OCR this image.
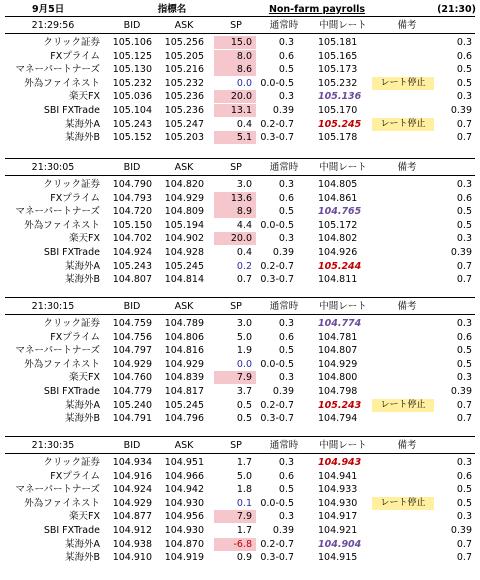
9月5日	指標名	Non-farm payrolls	(21:30)
21:29:56	BID	ASK	SP	通常時	中間レート	備考
クリック証券	105.106	105.256	15.0	0.3	105.181	0.3
FXプライム	105.125	105.205	8.0	0.6	105.165	0.6
マネーパートナーズ	105.130	105.216	8.6	0.5	105.173	0.5
外為ファイネスト	105.232	105.232	0.0 0.0-0.5	105.232	レート停止	0.5
楽天FX	105.036	105.236	20.0	0.3	105.136	0.3
SBI FXTrade	105.104	105.236	13.1	0.39	105.170	0.39
某海外A	105.243	105.247	0.4 0.2-0.7	105.245	レート停止	0.7
某海外B	105.152	105.203	5.1 0.3-0.7	105.178	0.7
21:30:05	BID	ASK	SP	通常時	中間レート	備考
クリック証券	104.790	104.820	3.0	0.3	104.805	0.3
FXプライム	104.793	104.929	13.6	0.6	104.861	0.6
マネーパートナーズ	104.720	104.809	8.9	0.5	104.765	0.5
外為ファイネスト	105.150	105.194	4.4 0.0-0.5	105.172	0.5
楽天FX	104.702	104.902	20.0	0.3	104.802	0.3
SBI FXTrade	104.924	104.928	0.4	0.39	104.926	0.39
某海外A	105.243	105.245	0.2 0.2-0.7	105.244	0.7
某海外B	104.807	104.814	0.7 0.3-0.7	104.811	0.7
21:30:15	BID	ASK	SP	通常時	中間レート	備考
クリック証券	104.759	104.789	3.0	0.3	104.774	0.3
FXプライム	104.756	104.806	5.0	0.6	104.781	0.6
マネーパートナーズ	104.797	104.816	1.9	0.5	104.807	0.5
外為ファイネスト	104.929	104.929	0.0 0.0-0.5	104.929	0.5
楽天FX	104.760	104.839	7.9	0.3	104.800	0.3
SBI FXTrade	104.779	104.817	3.7	0.39	104.798	0.39
某海外A	105.240	105.245	0.5 0.2-0.7	105.243	レート停止	0.7
某海外B	104.791	104.796	0.5 0.3-0.7	104.794	0.7
21:30:35	BID	ASK	SP	通常時	中間レート	備考
クリック証券	104.934	104.951	1.7	0.3	104.943	0.3
FXプライム	104.916	104.966	5.0	0.6	104.941	0.6
マネーパートナーズ	104.924	104.942	1.8	0.5	104.933	0.5
外為ファイネスト	104.929	104.930	0.1 0.0-0.5	104.930	レート停止	0.5
楽天FX	104.877	104.956	7.9	0.3	104.917	0.3
SBI FXTrade	104.912	104.930	1.7	0.39	104.921	0.39
某海外A	104.938	104.870	-6.8 0.2-0.7	104.904	0.7
某海外B	104.910	104.919	0.9 0.3-0.7	104.915	0.7
